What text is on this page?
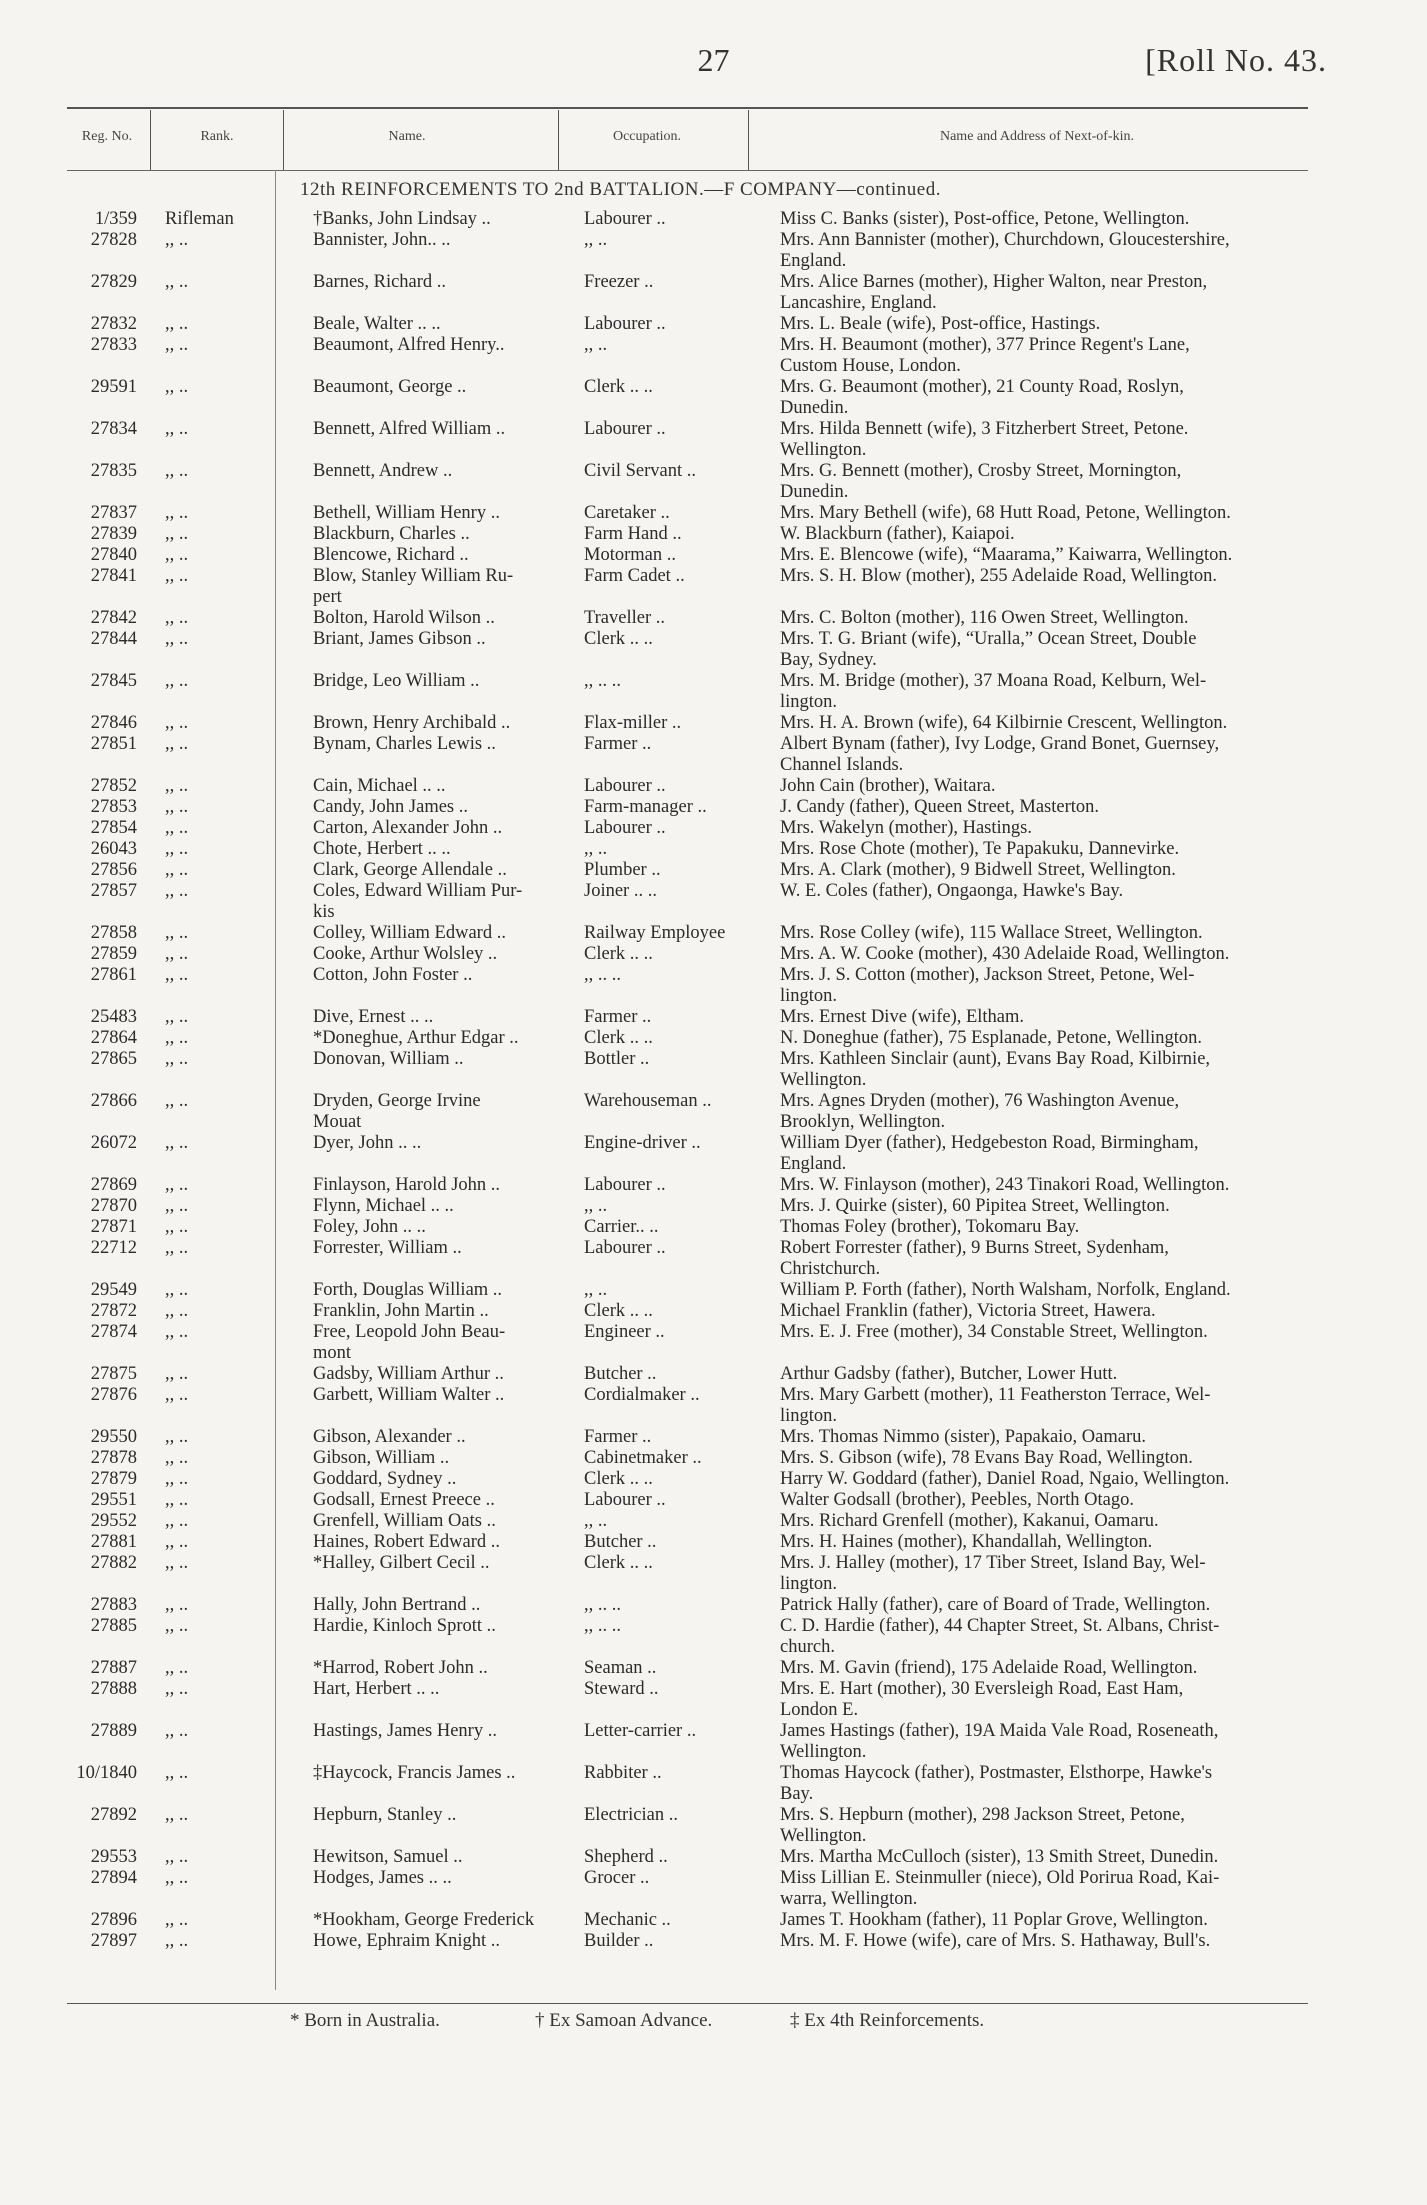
27	[Roll No. 43.
Reg. No.	Rank.	Name.	Occupation.	Name and Address of Next-of-kin.
12th REINFORCEMENTS TO 2nd BATTALION.—F COMPANY—continued.
1/359	Rifleman	†Banks, John Lindsay ..	Labourer ..	Miss C. Banks (sister), Post-office, Petone, Wellington.
27828	,, ..	Bannister, John.. ..	,, ..	Mrs. Ann Bannister (mother), Churchdown, Gloucestershire,
				England.
27829	,, ..	Barnes, Richard ..	Freezer ..	Mrs. Alice Barnes (mother), Higher Walton, near Preston,
				Lancashire, England.
27832	,, ..	Beale, Walter .. ..	Labourer ..	Mrs. L. Beale (wife), Post-office, Hastings.
27833	,, ..	Beaumont, Alfred Henry..	,, ..	Mrs. H. Beaumont (mother), 377 Prince Regent's Lane,
				Custom House, London.
29591	,, ..	Beaumont, George ..	Clerk .. ..	Mrs. G. Beaumont (mother), 21 County Road, Roslyn,
				Dunedin.
27834	,, ..	Bennett, Alfred William ..	Labourer ..	Mrs. Hilda Bennett (wife), 3 Fitzherbert Street, Petone.
				Wellington.
27835	,, ..	Bennett, Andrew ..	Civil Servant ..	Mrs. G. Bennett (mother), Crosby Street, Mornington,
				Dunedin.
27837	,, ..	Bethell, William Henry ..	Caretaker ..	Mrs. Mary Bethell (wife), 68 Hutt Road, Petone, Wellington.
27839	,, ..	Blackburn, Charles ..	Farm Hand ..	W. Blackburn (father), Kaiapoi.
27840	,, ..	Blencowe, Richard ..	Motorman ..	Mrs. E. Blencowe (wife), “Maarama,” Kaiwarra, Wellington.
27841	,, ..	Blow, Stanley William Ru-	Farm Cadet ..	Mrs. S. H. Blow (mother), 255 Adelaide Road, Wellington.
		pert		
27842	,, ..	Bolton, Harold Wilson ..	Traveller ..	Mrs. C. Bolton (mother), 116 Owen Street, Wellington.
27844	,, ..	Briant, James Gibson ..	Clerk .. ..	Mrs. T. G. Briant (wife), “Uralla,” Ocean Street, Double
				Bay, Sydney.
27845	,, ..	Bridge, Leo William ..	,, .. ..	Mrs. M. Bridge (mother), 37 Moana Road, Kelburn, Wel-
				lington.
27846	,, ..	Brown, Henry Archibald ..	Flax-miller ..	Mrs. H. A. Brown (wife), 64 Kilbirnie Crescent, Wellington.
27851	,, ..	Bynam, Charles Lewis ..	Farmer ..	Albert Bynam (father), Ivy Lodge, Grand Bonet, Guernsey,
				Channel Islands.
27852	,, ..	Cain, Michael .. ..	Labourer ..	John Cain (brother), Waitara.
27853	,, ..	Candy, John James ..	Farm-manager ..	J. Candy (father), Queen Street, Masterton.
27854	,, ..	Carton, Alexander John ..	Labourer ..	Mrs. Wakelyn (mother), Hastings.
26043	,, ..	Chote, Herbert .. ..	,, ..	Mrs. Rose Chote (mother), Te Papakuku, Dannevirke.
27856	,, ..	Clark, George Allendale ..	Plumber ..	Mrs. A. Clark (mother), 9 Bidwell Street, Wellington.
27857	,, ..	Coles, Edward William Pur-	Joiner .. ..	W. E. Coles (father), Ongaonga, Hawke's Bay.
		kis		
27858	,, ..	Colley, William Edward ..	Railway Employee	Mrs. Rose Colley (wife), 115 Wallace Street, Wellington.
27859	,, ..	Cooke, Arthur Wolsley ..	Clerk .. ..	Mrs. A. W. Cooke (mother), 430 Adelaide Road, Wellington.
27861	,, ..	Cotton, John Foster ..	,, .. ..	Mrs. J. S. Cotton (mother), Jackson Street, Petone, Wel-
				lington.
25483	,, ..	Dive, Ernest .. ..	Farmer ..	Mrs. Ernest Dive (wife), Eltham.
27864	,, ..	*Doneghue, Arthur Edgar ..	Clerk .. ..	N. Doneghue (father), 75 Esplanade, Petone, Wellington.
27865	,, ..	Donovan, William ..	Bottler ..	Mrs. Kathleen Sinclair (aunt), Evans Bay Road, Kilbirnie,
				Wellington.
27866	,, ..	Dryden, George Irvine	Warehouseman ..	Mrs. Agnes Dryden (mother), 76 Washington Avenue,
		Mouat		Brooklyn, Wellington.
26072	,, ..	Dyer, John .. ..	Engine-driver ..	William Dyer (father), Hedgebeston Road, Birmingham,
				England.
27869	,, ..	Finlayson, Harold John ..	Labourer ..	Mrs. W. Finlayson (mother), 243 Tinakori Road, Wellington.
27870	,, ..	Flynn, Michael .. ..	,, ..	Mrs. J. Quirke (sister), 60 Pipitea Street, Wellington.
27871	,, ..	Foley, John .. ..	Carrier.. ..	Thomas Foley (brother), Tokomaru Bay.
22712	,, ..	Forrester, William ..	Labourer ..	Robert Forrester (father), 9 Burns Street, Sydenham,
				Christchurch.
29549	,, ..	Forth, Douglas William ..	,, ..	William P. Forth (father), North Walsham, Norfolk, England.
27872	,, ..	Franklin, John Martin ..	Clerk .. ..	Michael Franklin (father), Victoria Street, Hawera.
27874	,, ..	Free, Leopold John Beau-	Engineer ..	Mrs. E. J. Free (mother), 34 Constable Street, Wellington.
		mont		
27875	,, ..	Gadsby, William Arthur ..	Butcher ..	Arthur Gadsby (father), Butcher, Lower Hutt.
27876	,, ..	Garbett, William Walter ..	Cordialmaker ..	Mrs. Mary Garbett (mother), 11 Featherston Terrace, Wel-
				lington.
29550	,, ..	Gibson, Alexander ..	Farmer ..	Mrs. Thomas Nimmo (sister), Papakaio, Oamaru.
27878	,, ..	Gibson, William ..	Cabinetmaker ..	Mrs. S. Gibson (wife), 78 Evans Bay Road, Wellington.
27879	,, ..	Goddard, Sydney ..	Clerk .. ..	Harry W. Goddard (father), Daniel Road, Ngaio, Wellington.
29551	,, ..	Godsall, Ernest Preece ..	Labourer ..	Walter Godsall (brother), Peebles, North Otago.
29552	,, ..	Grenfell, William Oats ..	,, ..	Mrs. Richard Grenfell (mother), Kakanui, Oamaru.
27881	,, ..	Haines, Robert Edward ..	Butcher ..	Mrs. H. Haines (mother), Khandallah, Wellington.
27882	,, ..	*Halley, Gilbert Cecil ..	Clerk .. ..	Mrs. J. Halley (mother), 17 Tiber Street, Island Bay, Wel-
				lington.
27883	,, ..	Hally, John Bertrand ..	,, .. ..	Patrick Hally (father), care of Board of Trade, Wellington.
27885	,, ..	Hardie, Kinloch Sprott ..	,, .. ..	C. D. Hardie (father), 44 Chapter Street, St. Albans, Christ-
				church.
27887	,, ..	*Harrod, Robert John ..	Seaman ..	Mrs. M. Gavin (friend), 175 Adelaide Road, Wellington.
27888	,, ..	Hart, Herbert .. ..	Steward ..	Mrs. E. Hart (mother), 30 Eversleigh Road, East Ham,
				London E.
27889	,, ..	Hastings, James Henry ..	Letter-carrier ..	James Hastings (father), 19A Maida Vale Road, Roseneath,
				Wellington.
10/1840	,, ..	‡Haycock, Francis James ..	Rabbiter ..	Thomas Haycock (father), Postmaster, Elsthorpe, Hawke's
				Bay.
27892	,, ..	Hepburn, Stanley ..	Electrician ..	Mrs. S. Hepburn (mother), 298 Jackson Street, Petone,
				Wellington.
29553	,, ..	Hewitson, Samuel ..	Shepherd ..	Mrs. Martha McCulloch (sister), 13 Smith Street, Dunedin.
27894	,, ..	Hodges, James .. ..	Grocer ..	Miss Lillian E. Steinmuller (niece), Old Porirua Road, Kai-
				warra, Wellington.
27896	,, ..	*Hookham, George Frederick	Mechanic ..	James T. Hookham (father), 11 Poplar Grove, Wellington.
27897	,, ..	Howe, Ephraim Knight ..	Builder ..	Mrs. M. F. Howe (wife), care of Mrs. S. Hathaway, Bull's.
* Born in Australia.	† Ex Samoan Advance.	‡ Ex 4th Reinforcements.
